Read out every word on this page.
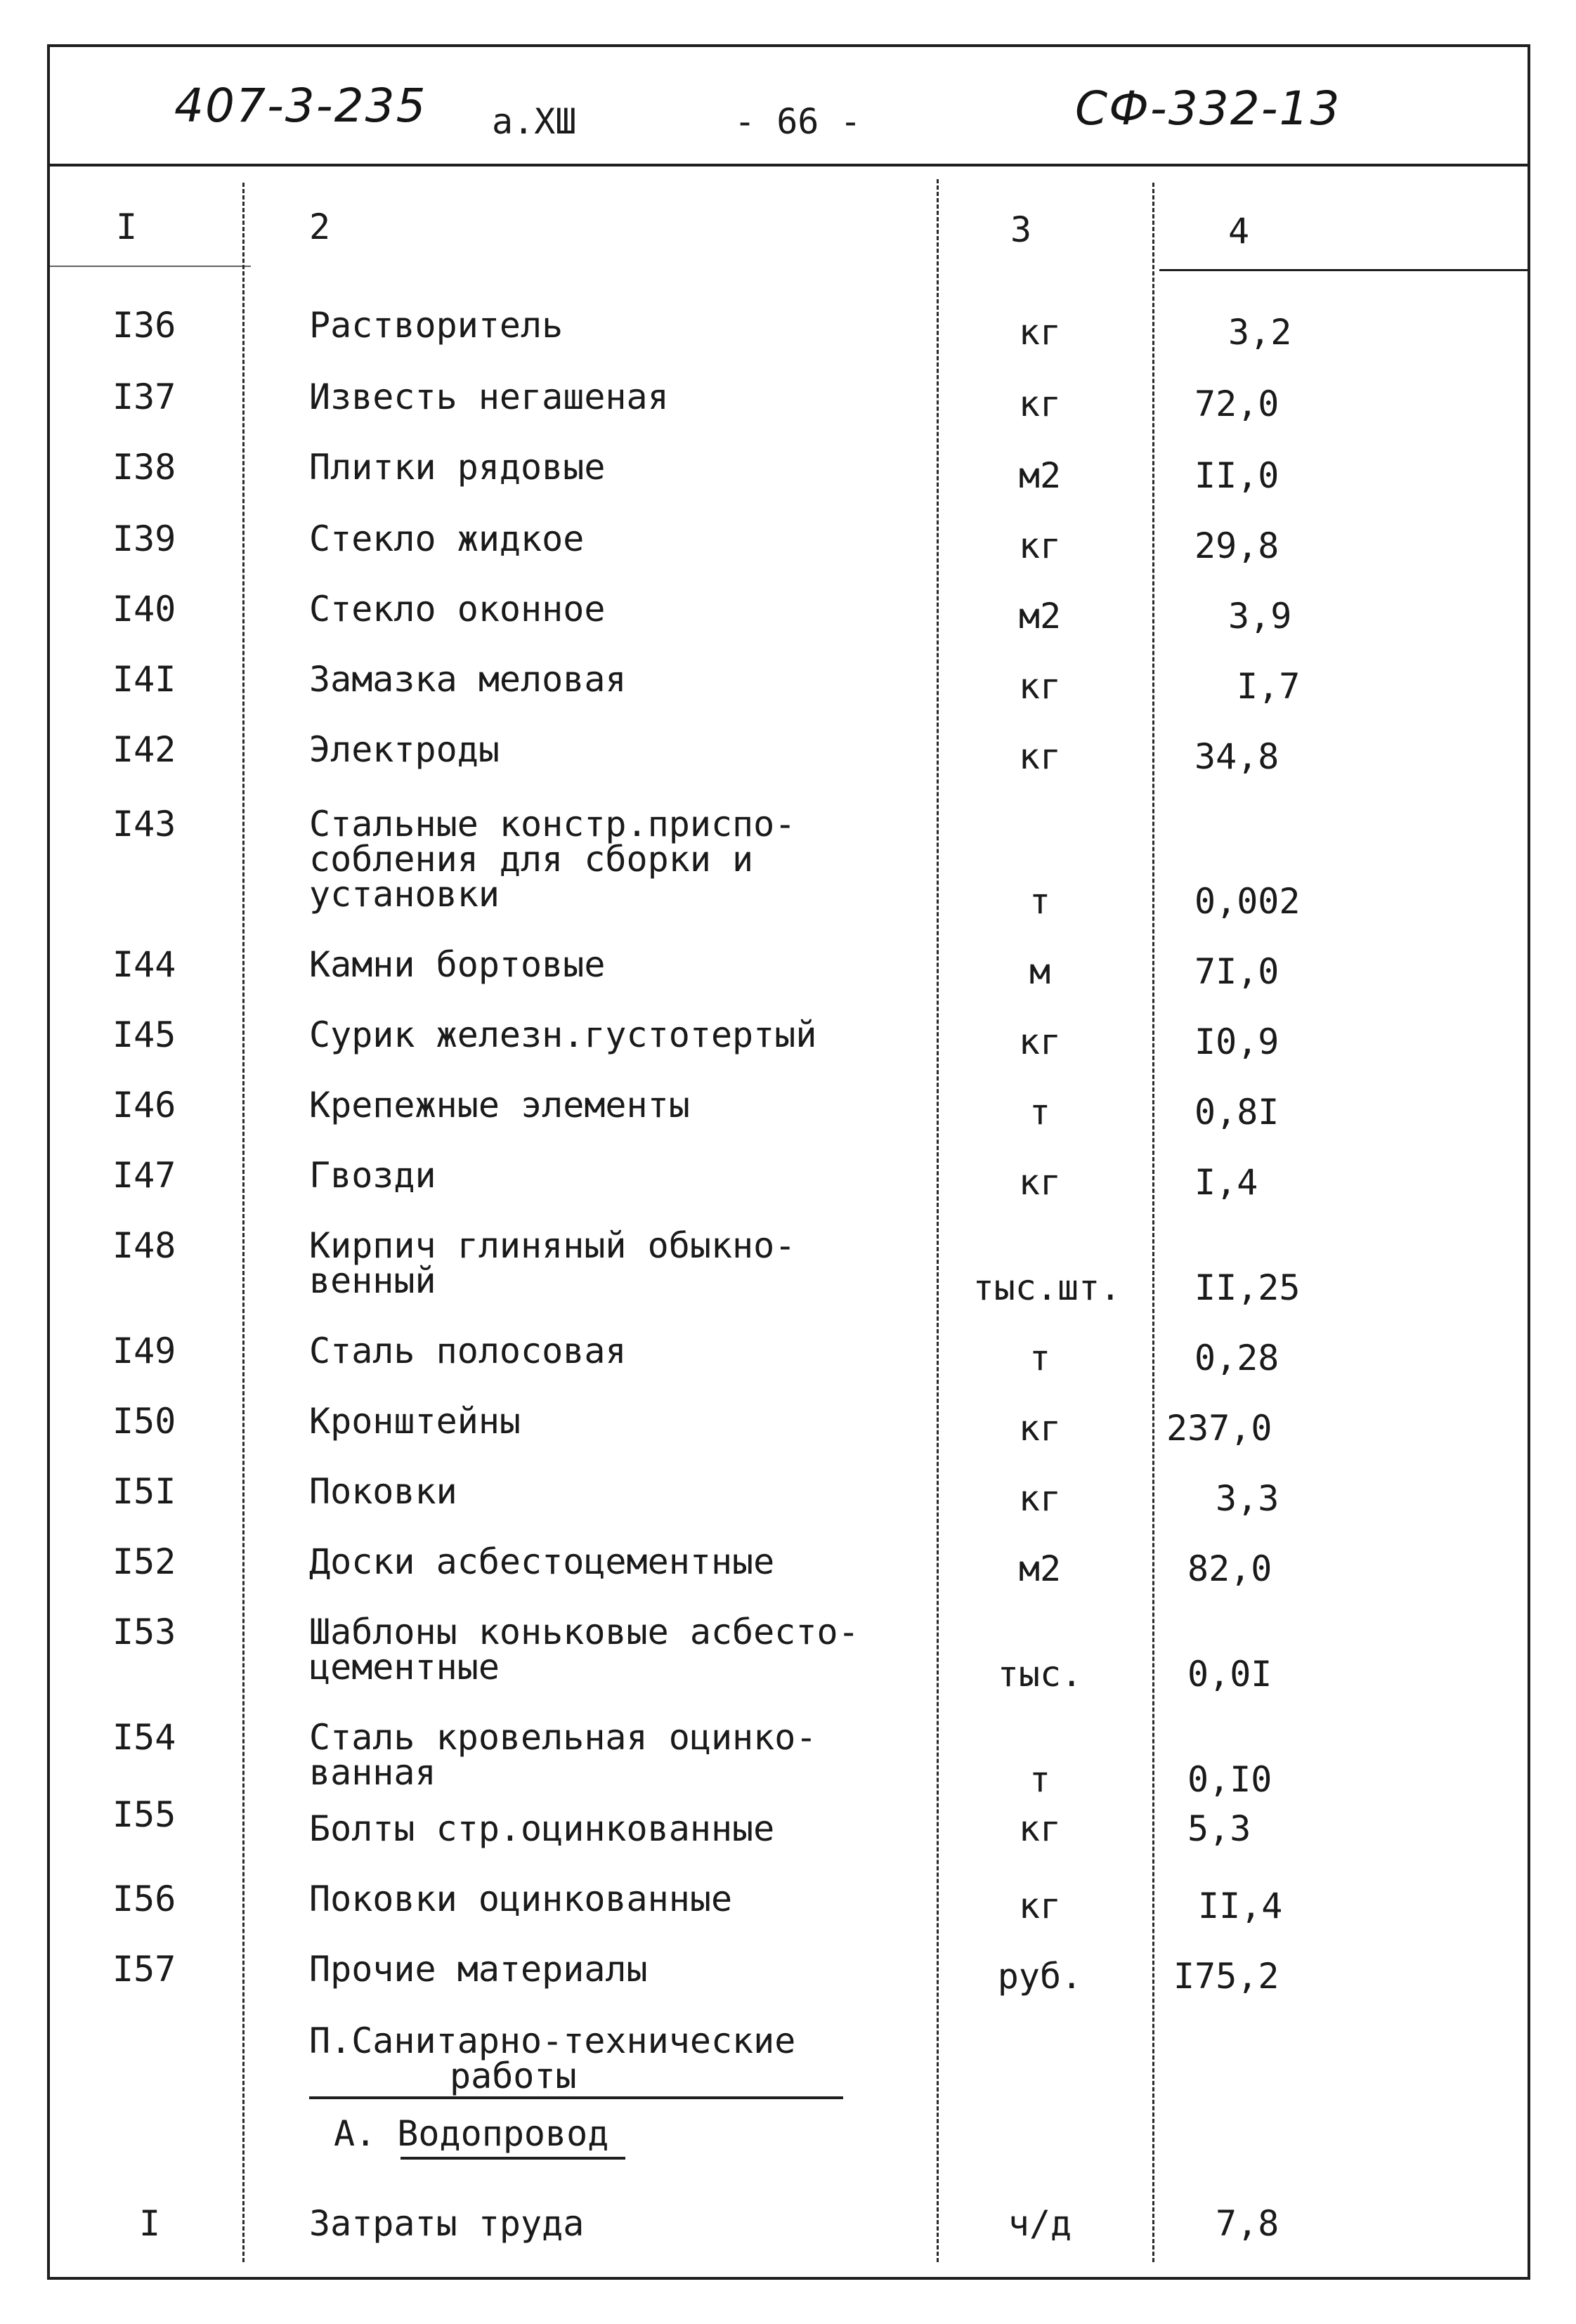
407-3-235 а.ХШ	- 66 -	СФ-332-13
I	2	3	4
I36	Растворитель	кг	3,2
I37	Известь негашеная	кг	72,0
I38	Плитки рядовые	м2	II,0
I39	Стекло жидкое	кг	29,8
I40	Стекло оконное	м2	3,9
I4I	Замазка меловая	кг	I,7
I42	Электроды	кг	34,8
I43	Стальные констр.приспо-
собления для сборки и
установки	т	0,002
I44	Камни бортовые	м	7I,0
I45	Сурик железн.густотертый	кг	I0,9
I46	Крепежные элементы	т	0,8I
I47	Гвозди	кг	I,4
I48	Кирпич глиняный обыкно-
венный	тыс.шт.	II,25
I49	Сталь полосовая	т	0,28
I50	Кронштейны	кг	237,0
I5I	Поковки	кг	3,3
I52	Доски асбестоцементные	м2	82,0
I53	Шаблоны коньковые асбесто-
цементные	тыс.	0,0I
I54	Сталь кровельная оцинко-
ванная	т	0,I0
I55	Болты стр.оцинкованные	кг	5,3
I56	Поковки оцинкованные	кг	II,4
I57	Прочие материалы	руб.	I75,2
П.Санитарно-технические
работы
А. Водопровод
I	Затраты труда	ч/д	7,8
